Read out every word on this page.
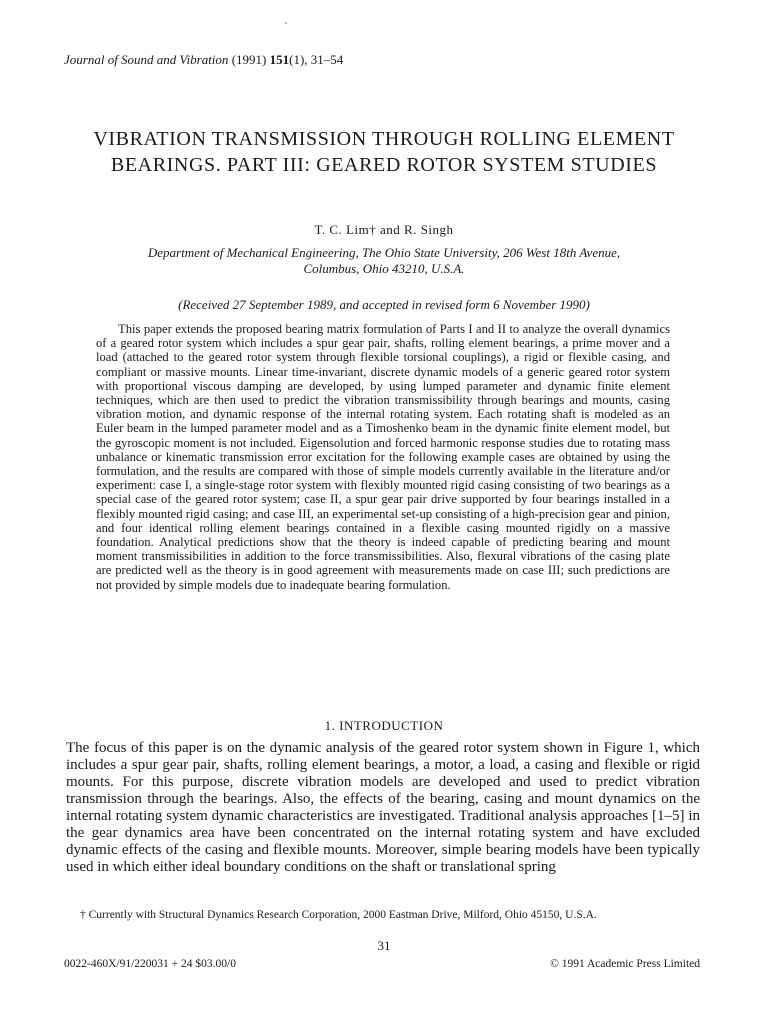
Journal of Sound and Vibration (1991) 151(1), 31–54
VIBRATION TRANSMISSION THROUGH ROLLING ELEMENT BEARINGS. PART III: GEARED ROTOR SYSTEM STUDIES
T. C. Lim† and R. Singh
Department of Mechanical Engineering, The Ohio State University, 206 West 18th Avenue,
Columbus, Ohio 43210, U.S.A.
(Received 27 September 1989, and accepted in revised form 6 November 1990)

This paper extends the proposed bearing matrix formulation of Parts I and II to analyze the overall dynamics of a geared rotor system which includes a spur gear pair, shafts, rolling element bearings, a prime mover and a load (attached to the geared rotor system through flexible torsional couplings), a rigid or flexible casing, and compliant or massive mounts. Linear time-invariant, discrete dynamic models of a generic geared rotor system with proportional viscous damping are developed, by using lumped parameter and dynamic finite element techniques, which are then used to predict the vibration transmissibility through bearings and mounts, casing vibration motion, and dynamic response of the internal rotating system. Each rotating shaft is modeled as an Euler beam in the lumped parameter model and as a Timoshenko beam in the dynamic finite element model, but the gyroscopic moment is not included. Eigensolution and forced harmonic response studies due to rotating mass unbalance or kinematic transmission error excitation for the following example cases are obtained by using the formulation, and the results are compared with those of simple models currently available in the literature and/or experiment: case I, a single-stage rotor system with flexibly mounted rigid casing consisting of two bearings as a special case of the geared rotor system; case II, a spur gear pair drive supported by four bearings installed in a flexibly mounted rigid casing; and case III, an experimental set-up consisting of a high-precision gear and pinion, and four identical rolling element bearings contained in a flexible casing mounted rigidly on a massive foundation. Analytical predictions show that the theory is indeed capable of predicting bearing and mount moment transmissibilities in addition to the force transmissibilities. Also, flexural vibrations of the casing plate are predicted well as the theory is in good agreement with measurements made on case III; such predictions are not provided by simple models due to inadequate bearing formulation.

1. INTRODUCTION

The focus of this paper is on the dynamic analysis of the geared rotor system shown in Figure 1, which includes a spur gear pair, shafts, rolling element bearings, a motor, a load, a casing and flexible or rigid mounts. For this purpose, discrete vibration models are developed and used to predict vibration transmission through the bearings. Also, the effects of the bearing, casing and mount dynamics on the internal rotating system dynamic characteristics are investigated. Traditional analysis approaches [1–5] in the gear dynamics area have been concentrated on the internal rotating system and have excluded dynamic effects of the casing and flexible mounts. Moreover, simple bearing models have been typically used in which either ideal boundary conditions on the shaft or translational spring

† Currently with Structural Dynamics Research Corporation, 2000 Eastman Drive, Milford, Ohio 45150, U.S.A.

31
0022-460X/91/220031 + 24 $03.00/0	© 1991 Academic Press Limited
